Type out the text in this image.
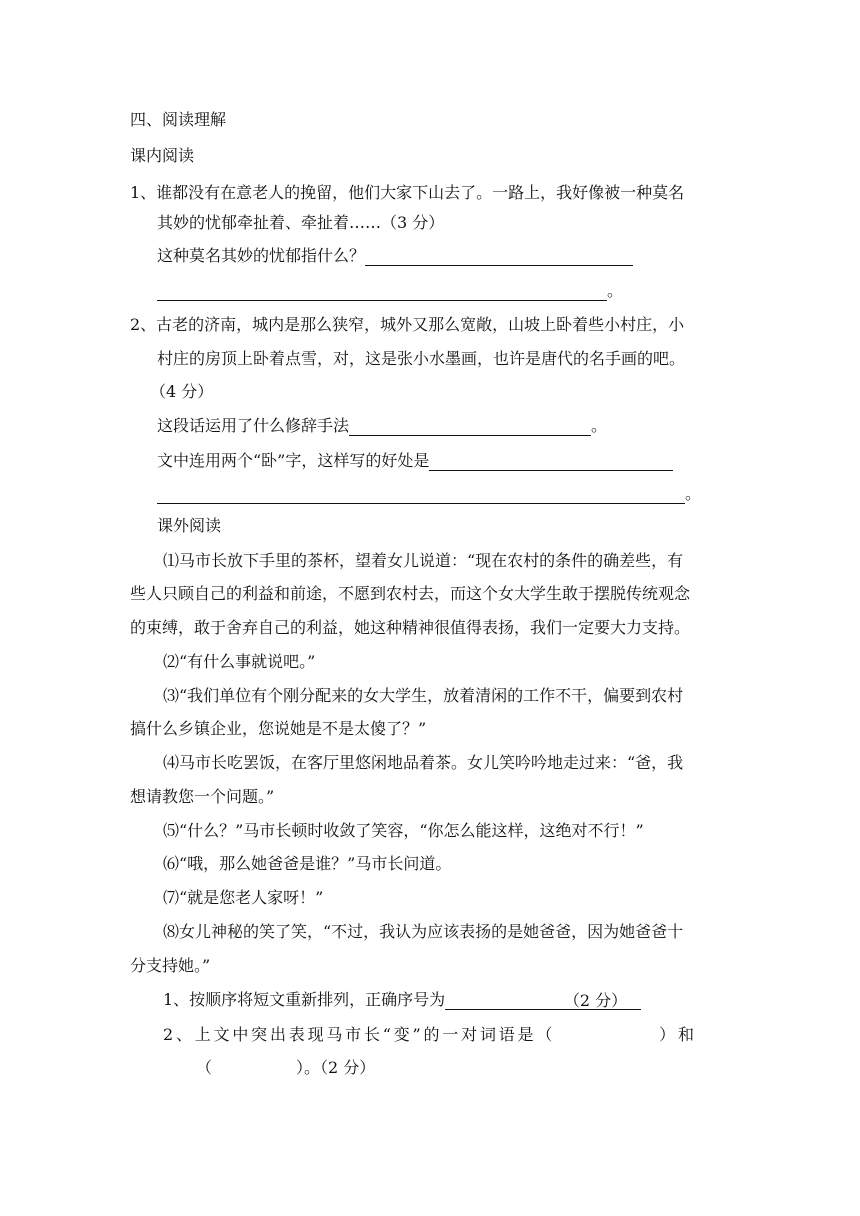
四、阅读理解
课内阅读
1、谁都没有在意老人的挽留，他们大家下山去了。一路上，我好像被一种莫名
其妙的忧郁牵扯着、牵扯着……（3 分）
这种莫名其妙的忧郁指什么？
。
2、古老的济南，城内是那么狭窄，城外又那么宽敞，山坡上卧着些小村庄，小
村庄的房顶上卧着点雪，对，这是张小水墨画，也许是唐代的名手画的吧。
（4 分）
这段话运用了什么修辞手法	。
文中连用两个“卧”字，这样写的好处是
。
课外阅读
⑴马市长放下手里的茶杯，望着女儿说道：“现在农村的条件的确差些，有
些人只顾自己的利益和前途，不愿到农村去，而这个女大学生敢于摆脱传统观念
的束缚，敢于舍弃自己的利益，她这种精神很值得表扬，我们一定要大力支持。
⑵“有什么事就说吧。”
⑶“我们单位有个刚分配来的女大学生，放着清闲的工作不干，偏要到农村
搞什么乡镇企业，您说她是不是太傻了？”
⑷马市长吃罢饭，在客厅里悠闲地品着茶。女儿笑吟吟地走过来：“爸，我
想请教您一个问题。”
⑸“什么？”马市长顿时收敛了笑容，“你怎么能这样，这绝对不行！”
⑹“哦，那么她爸爸是谁？”马市长问道。
⑺“就是您老人家呀！”
⑻女儿神秘的笑了笑，“不过，我认为应该表扬的是她爸爸，因为她爸爸十
分支持她。”
1、按顺序将短文重新排列，正确序号为	（2 分）
2、上文中突出表现马市长“变”的一对词语是（	）和
（	）。（2 分）
